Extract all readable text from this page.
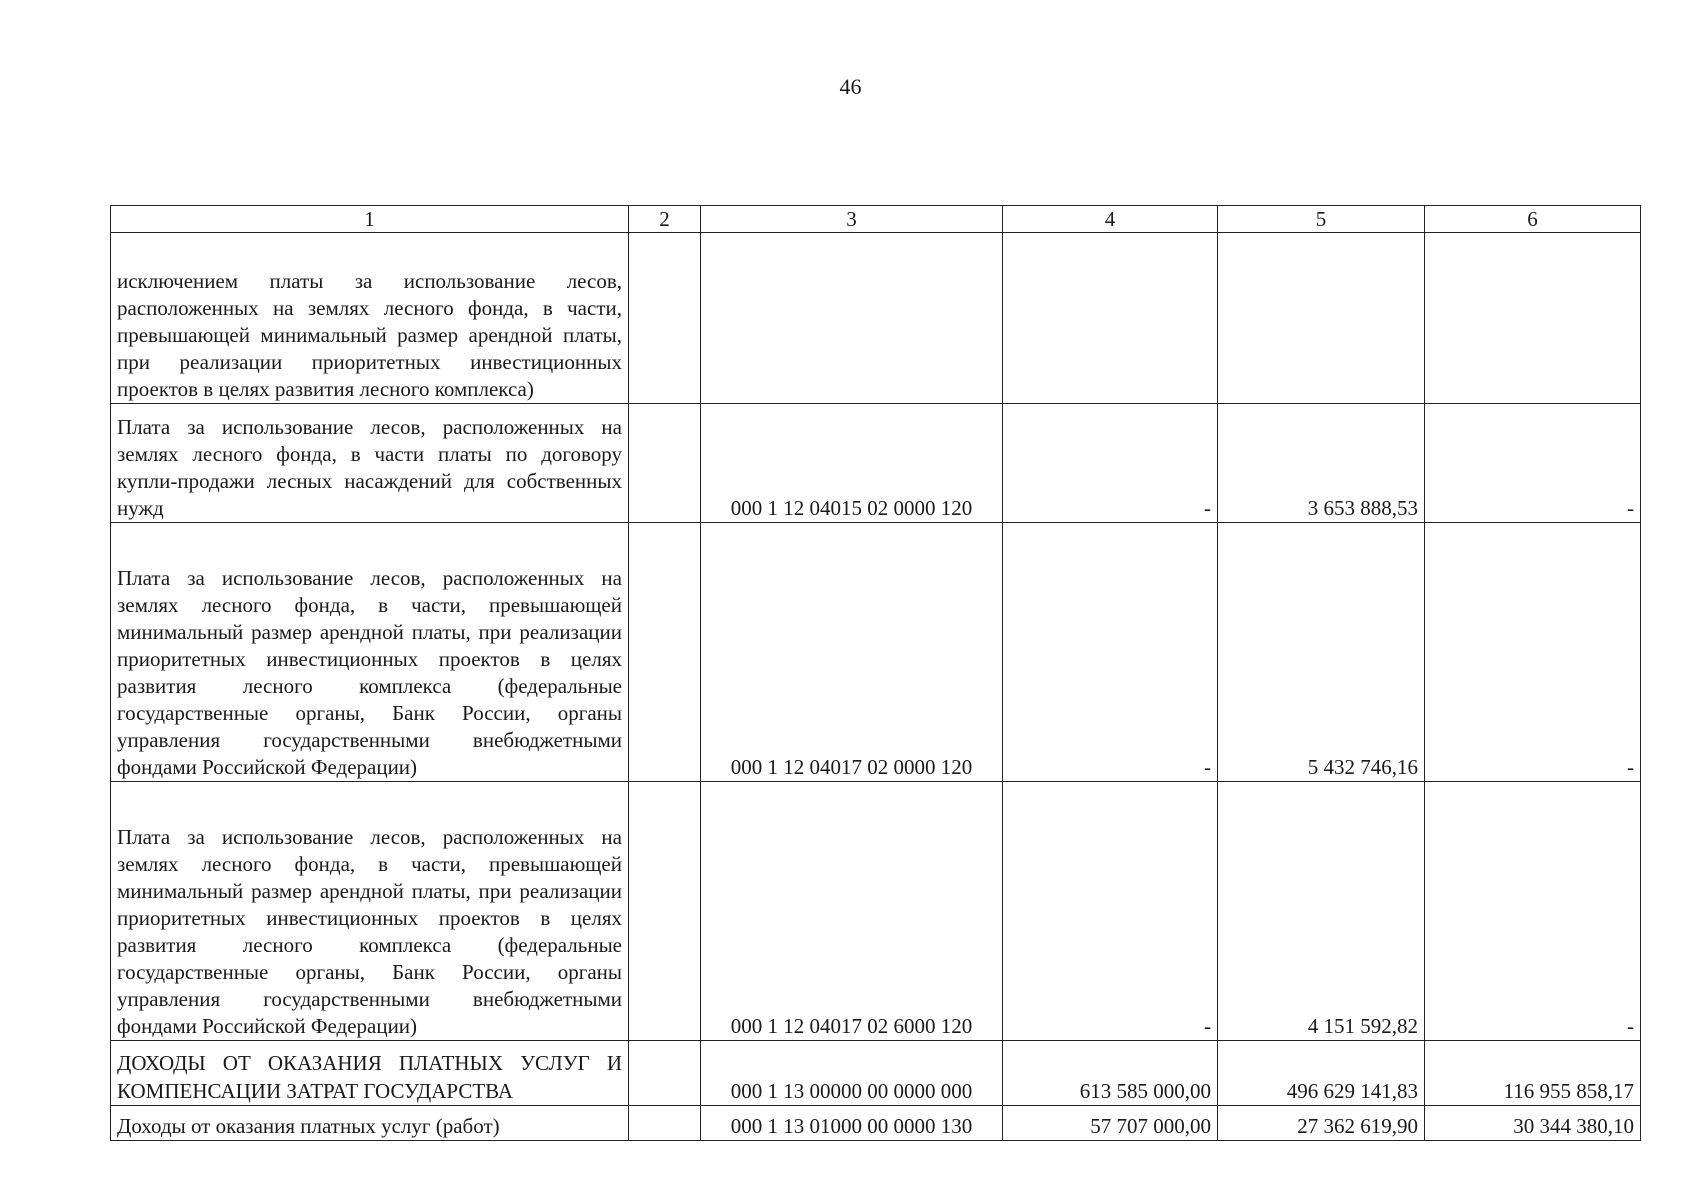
46
1	2	3	4	5	6
исключением платы за использование лесов, расположенных на землях лесного фонда, в части, превышающей минимальный размер арендной платы, при реализации приоритетных инвестиционных проектов в целях развития лесного комплекса)					
Плата за использование лесов, расположенных на землях лесного фонда, в части платы по договору купли-продажи лесных насаждений для собственных нужд		000 1 12 04015 02 0000 120	-	3 653 888,53	-
Плата за использование лесов, расположенных на землях лесного фонда, в части, превышающей минимальный размер арендной платы, при реализации приоритетных инвестиционных проектов в целях развития лесного комплекса (федеральные государственные органы, Банк России, органы управления государственными внебюджетными фондами Российской Федерации)		000 1 12 04017 02 0000 120	-	5 432 746,16	-
Плата за использование лесов, расположенных на землях лесного фонда, в части, превышающей минимальный размер арендной платы, при реализации приоритетных инвестиционных проектов в целях развития лесного комплекса (федеральные государственные органы, Банк России, органы управления государственными внебюджетными фондами Российской Федерации)		000 1 12 04017 02 6000 120	-	4 151 592,82	-
ДОХОДЫ ОТ ОКАЗАНИЯ ПЛАТНЫХ УСЛУГ И КОМПЕНСАЦИИ ЗАТРАТ ГОСУДАРСТВА		000 1 13 00000 00 0000 000	613 585 000,00	496 629 141,83	116 955 858,17
Доходы от оказания платных услуг (работ)		000 1 13 01000 00 0000 130	57 707 000,00	27 362 619,90	30 344 380,10
